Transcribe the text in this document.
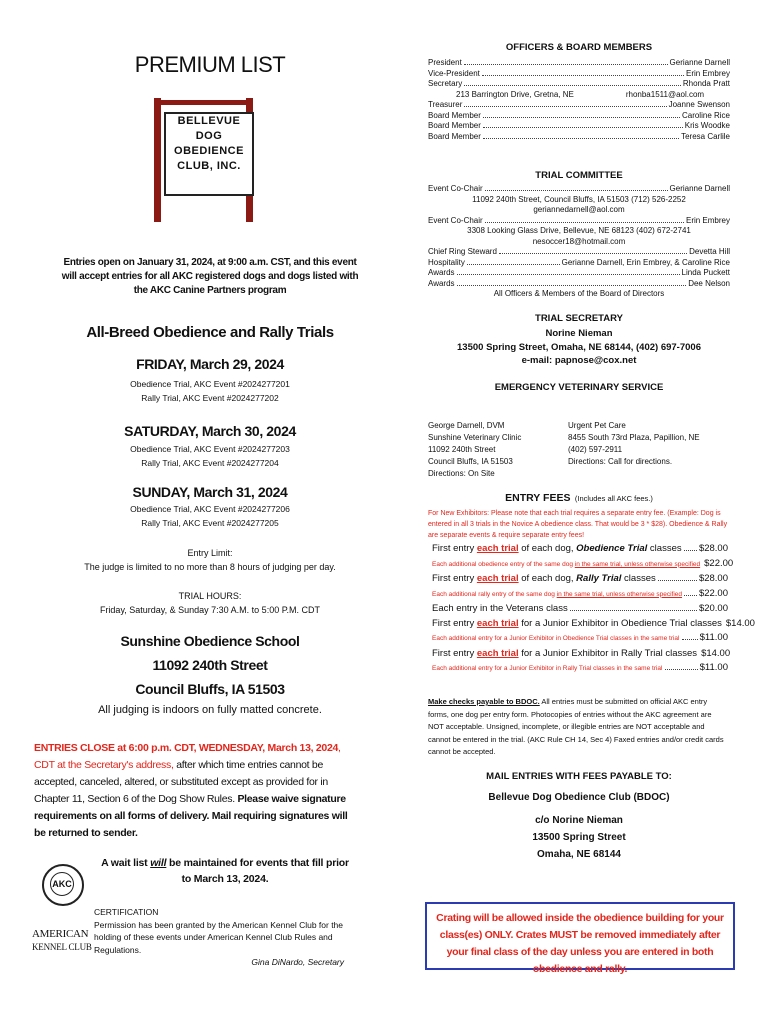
PREMIUM LIST
BELLEVUE
DOG
OBEDIENCE
CLUB, INC.
Entries open on January 31, 2024, at 9:00 a.m. CST, and this event will accept entries for all AKC registered dogs and dogs listed with the AKC Canine Partners program
All-Breed Obedience and Rally Trials
FRIDAY, March 29, 2024
Obedience Trial, AKC Event #2024277201
Rally Trial, AKC Event #2024277202
SATURDAY, March 30, 2024
Obedience Trial, AKC Event #2024277203
Rally Trial, AKC Event #2024277204
SUNDAY, March 31, 2024
Obedience Trial, AKC Event #2024277206
Rally Trial, AKC Event #2024277205
Entry Limit:
The judge is limited to no more than 8 hours of judging per day.
TRIAL HOURS:
Friday, Saturday, & Sunday 7:30 A.M. to 5:00 P.M. CDT
Sunshine Obedience School
11092 240th Street
Council Bluffs, IA 51503
All judging is indoors on fully matted concrete.
ENTRIES CLOSE at 6:00 p.m. CDT, WEDNESDAY, March 13, 2024, CDT at the Secretary's address, after which time entries cannot be accepted, canceled, altered, or substituted except as provided for in Chapter 11, Section 6 of the Dog Show Rules. Please waive signature requirements on all forms of delivery. Mail requiring signatures will be returned to sender.
A wait list will be maintained for events that fill prior to March 13, 2024.
AKC
AMERICAN
KENNEL CLUB
CERTIFICATION
Permission has been granted by the American Kennel Club for the holding of these events under American Kennel Club Rules and Regulations.
Gina DiNardo, Secretary
OFFICERS & BOARD MEMBERS
President	Gerianne Darnell
Vice-President	Erin Embrey
Secretary	Rhonda Pratt
213 Barrington Drive, Gretna, NE	rhonba1511@aol.com
Treasurer	Joanne Swenson
Board Member	Caroline Rice
Board Member	Kris Woodke
Board Member	Teresa Carlile
TRIAL COMMITTEE
Event Co-Chair	Gerianne Darnell
11092 240th Street, Council Bluffs, IA 51503 (712) 526-2252 geriannedarnell@aol.com
Event Co-Chair	Erin Embrey
3308 Looking Glass Drive, Bellevue, NE 68123 (402) 672-2741 nesoccer18@hotmail.com
Chief Ring Steward	Devetta Hill
Hospitality	Gerianne Darnell, Erin Embrey, & Caroline Rice
Awards	Linda Puckett
Awards	Dee Nelson
All Officers & Members of the Board of Directors
TRIAL SECRETARY
Norine Nieman
13500 Spring Street, Omaha, NE 68144, (402) 697-7006
e-mail: papnose@cox.net
EMERGENCY VETERINARY SERVICE
George Darnell, DVM
Sunshine Veterinary Clinic
11092 240th Street
Council Bluffs, IA 51503
Directions: On Site
Urgent Pet Care
8455 South 73rd Plaza, Papillion, NE
(402) 597-2911
Directions: Call for directions.
ENTRY FEES (Includes all AKC fees.)
For New Exhibitors: Please note that each trial requires a separate entry fee. (Example: Dog is entered in all 3 trials in the Novice A obedience class. That would be 3 * $28). Obedience & Rally are separate events & require separate entry fees!
First entry each trial of each dog, Obedience Trial classes $28.00
Each additional obedience entry of the same dog in the same trial, unless otherwise specified $22.00
First entry each trial of each dog, Rally Trial classes	$28.00
Each additional rally entry of the same dog in the same trial, unless otherwise specified $22.00
Each entry in the Veterans class	$20.00
First entry each trial for a Junior Exhibitor in Obedience Trial classes $14.00
Each additional entry for a Junior Exhibitor in Obedience Trial classes in the same trial $11.00
First entry each trial for a Junior Exhibitor in Rally Trial classes $14.00
Each additional entry for a Junior Exhibitor in Rally Trial classes in the same trial	$11.00
Make checks payable to BDOC. All entries must be submitted on official AKC entry forms, one dog per entry form. Photocopies of entries without the AKC agreement are NOT acceptable. Unsigned, incomplete, or illegible entries are NOT acceptable and cannot be entered in the trial. (AKC Rule CH 14, Sec 4) Faxed entries and/or credit cards cannot be accepted.
MAIL ENTRIES WITH FEES PAYABLE TO:
Bellevue Dog Obedience Club (BDOC)
c/o Norine Nieman
13500 Spring Street
Omaha, NE 68144
Crating will be allowed inside the obedience building for your class(es) ONLY. Crates MUST be removed immediately after your final class of the day unless you are entered in both obedience and rally.
